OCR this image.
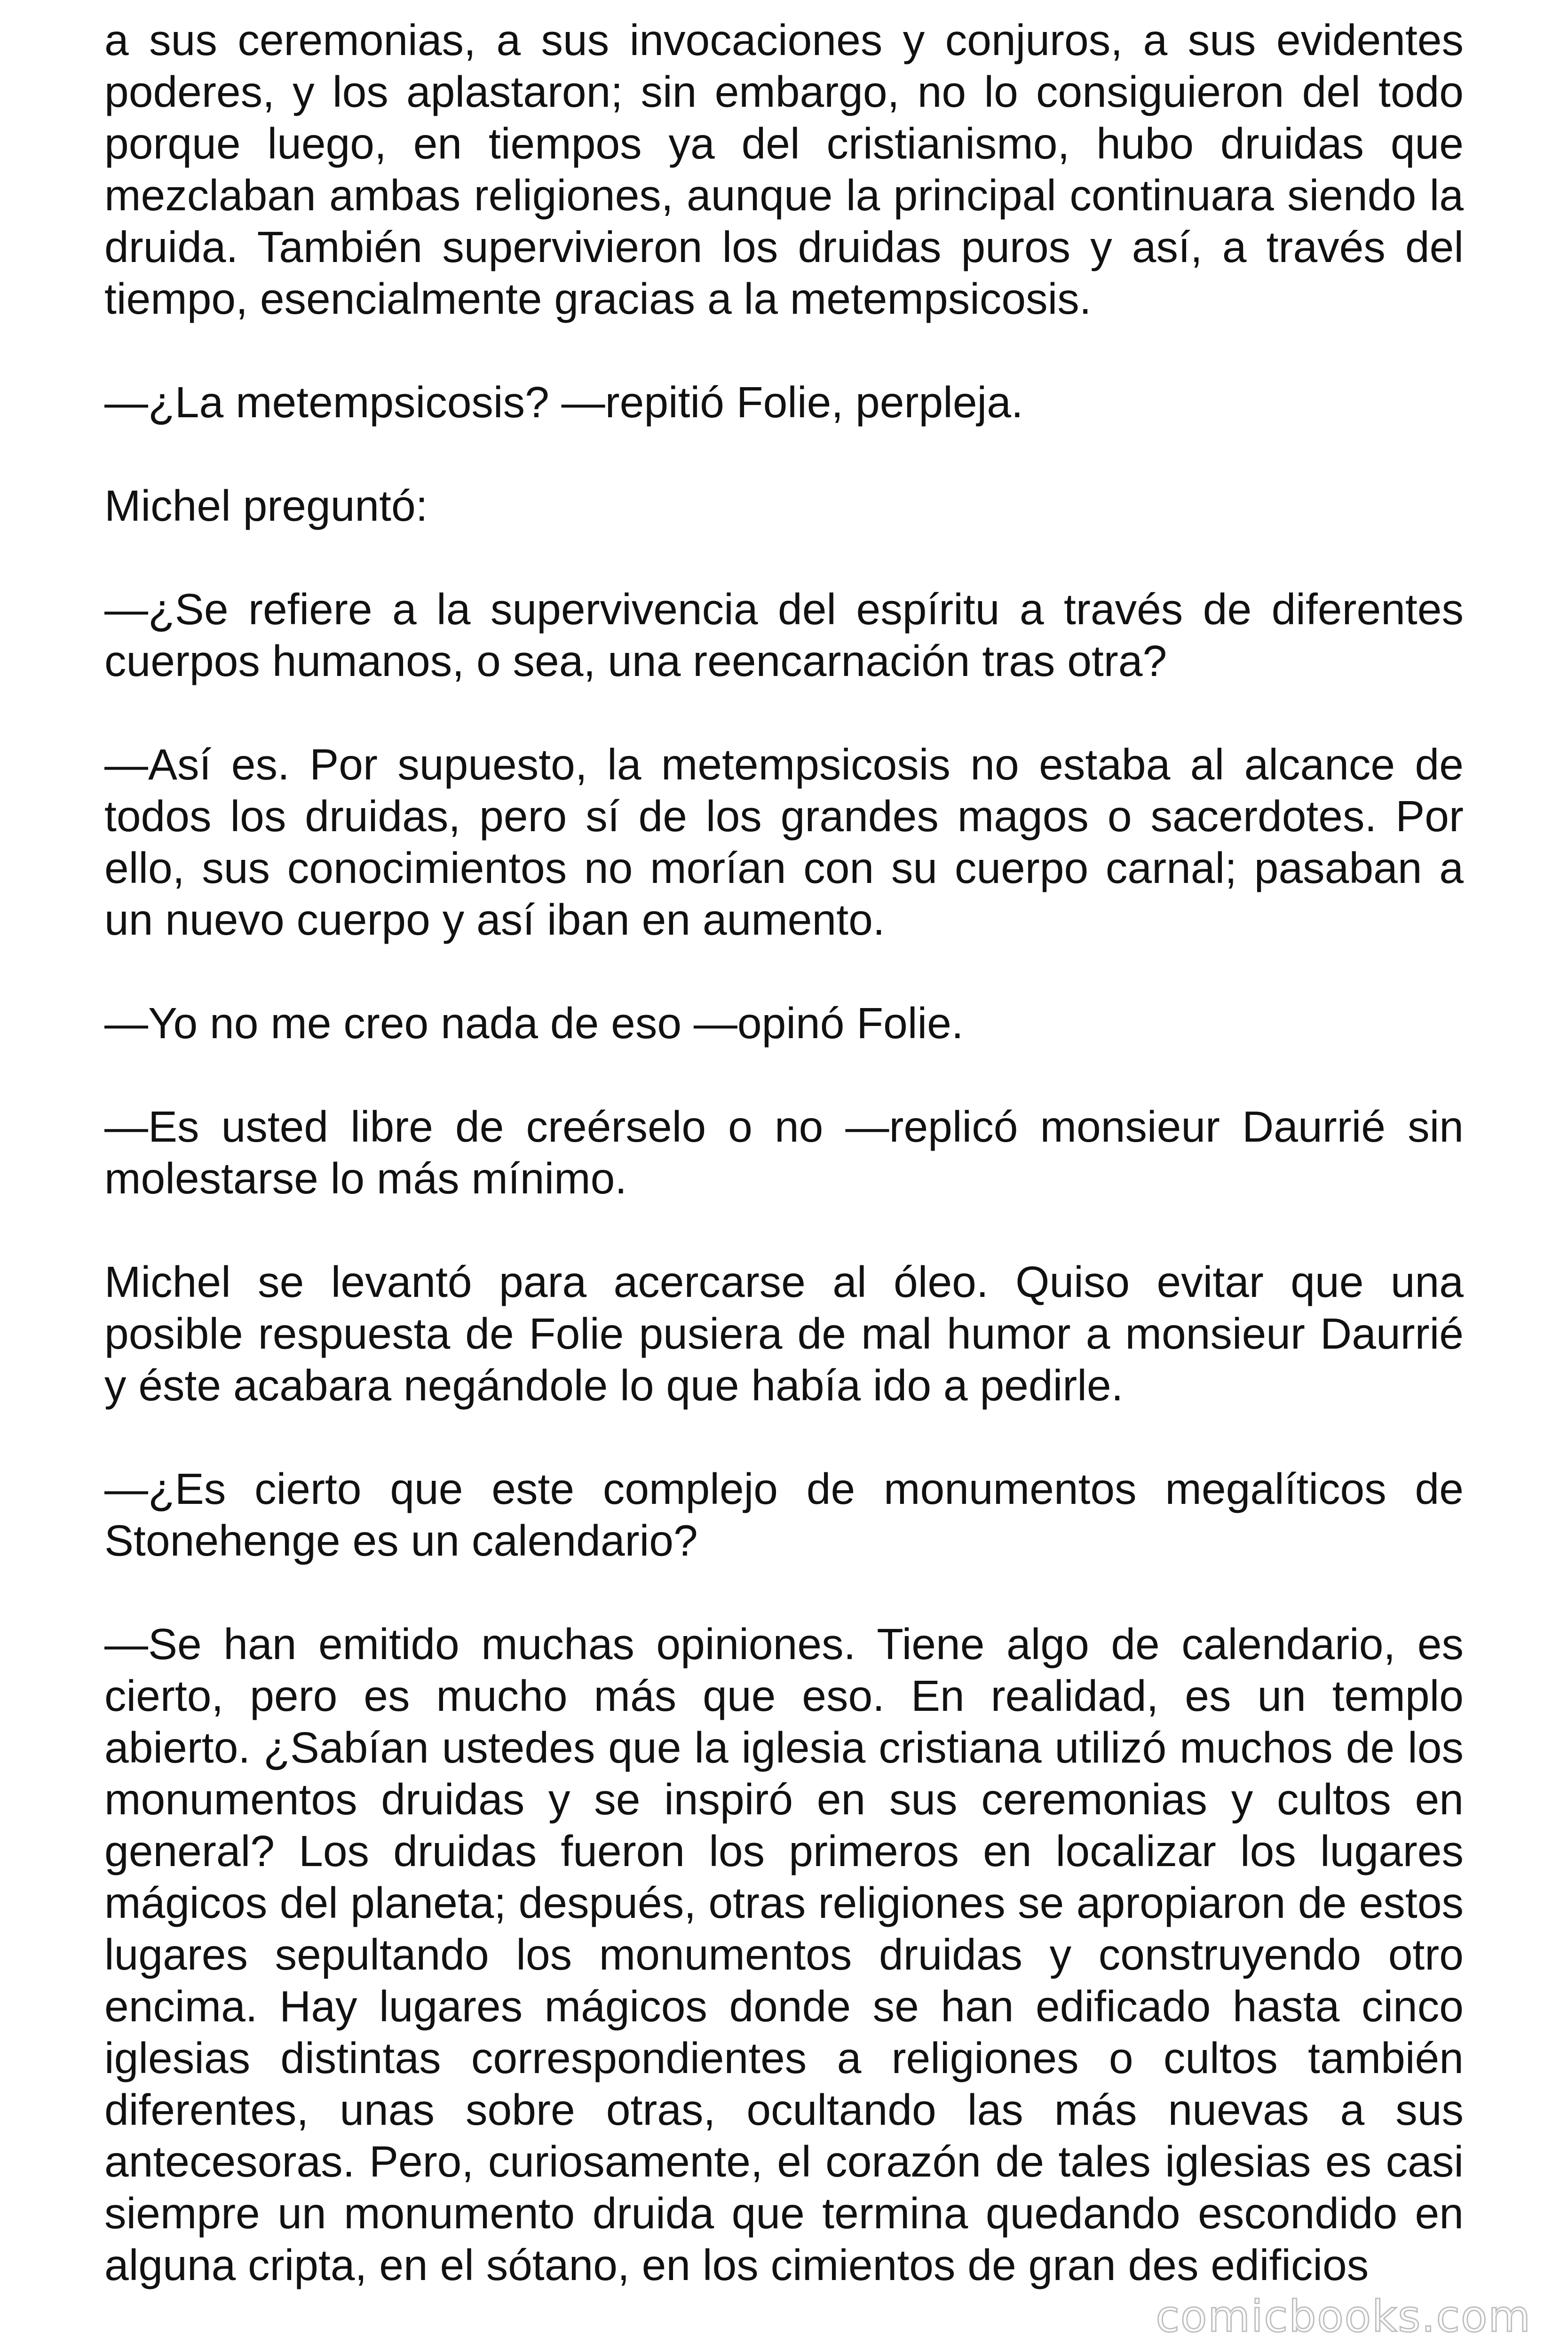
a sus ceremonias, a sus invocaciones y conjuros, a sus evidentes poderes, y los aplastaron; sin embargo, no lo consiguieron del todo porque luego, en tiempos ya del cristianismo, hubo druidas que mezclaban ambas religiones, aunque la principal continuara siendo la druida. También supervivieron los druidas puros y así, a través del tiempo, esencialmente gracias a la metempsicosis.

—¿La metempsicosis? —repitió Folie, perpleja.

Michel preguntó:

—¿Se refiere a la supervivencia del espíritu a través de diferentes cuerpos humanos, o sea, una reencarnación tras otra?

—Así es. Por supuesto, la metempsicosis no estaba al alcance de todos los druidas, pero sí de los grandes magos o sacerdotes. Por ello, sus conocimientos no morían con su cuerpo carnal; pasaban a un nuevo cuerpo y así iban en aumento.

—Yo no me creo nada de eso —opinó Folie.

—Es usted libre de creérselo o no —replicó monsieur Daurrié sin molestarse lo más mínimo.

Michel se levantó para acercarse al óleo. Quiso evitar que una posible respuesta de Folie pusiera de mal humor a monsieur Daurrié y éste acabara negándole lo que había ido a pedirle.

—¿Es cierto que este complejo de monumentos megalíticos de Stonehenge es un calendario?

—Se han emitido muchas opiniones. Tiene algo de calendario, es cierto, pero es mucho más que eso. En realidad, es un templo abierto. ¿Sabían ustedes que la iglesia cristiana utilizó muchos de los monumentos druidas y se inspiró en sus ceremonias y cultos en general? Los druidas fueron los primeros en localizar los lugares mágicos del planeta; después, otras religiones se apropiaron de estos lugares sepultando los monumentos druidas y construyendo otro encima. Hay lugares mágicos donde se han edificado hasta cinco iglesias distintas correspondientes a religiones o cultos también diferentes, unas sobre otras, ocultando las más nuevas a sus antecesoras. Pero, curiosamente, el corazón de tales iglesias es casi siempre un monumento druida que termina quedando escondido en alguna cripta, en el sótano, en los cimientos de gran des edificios

comicbooks.com
